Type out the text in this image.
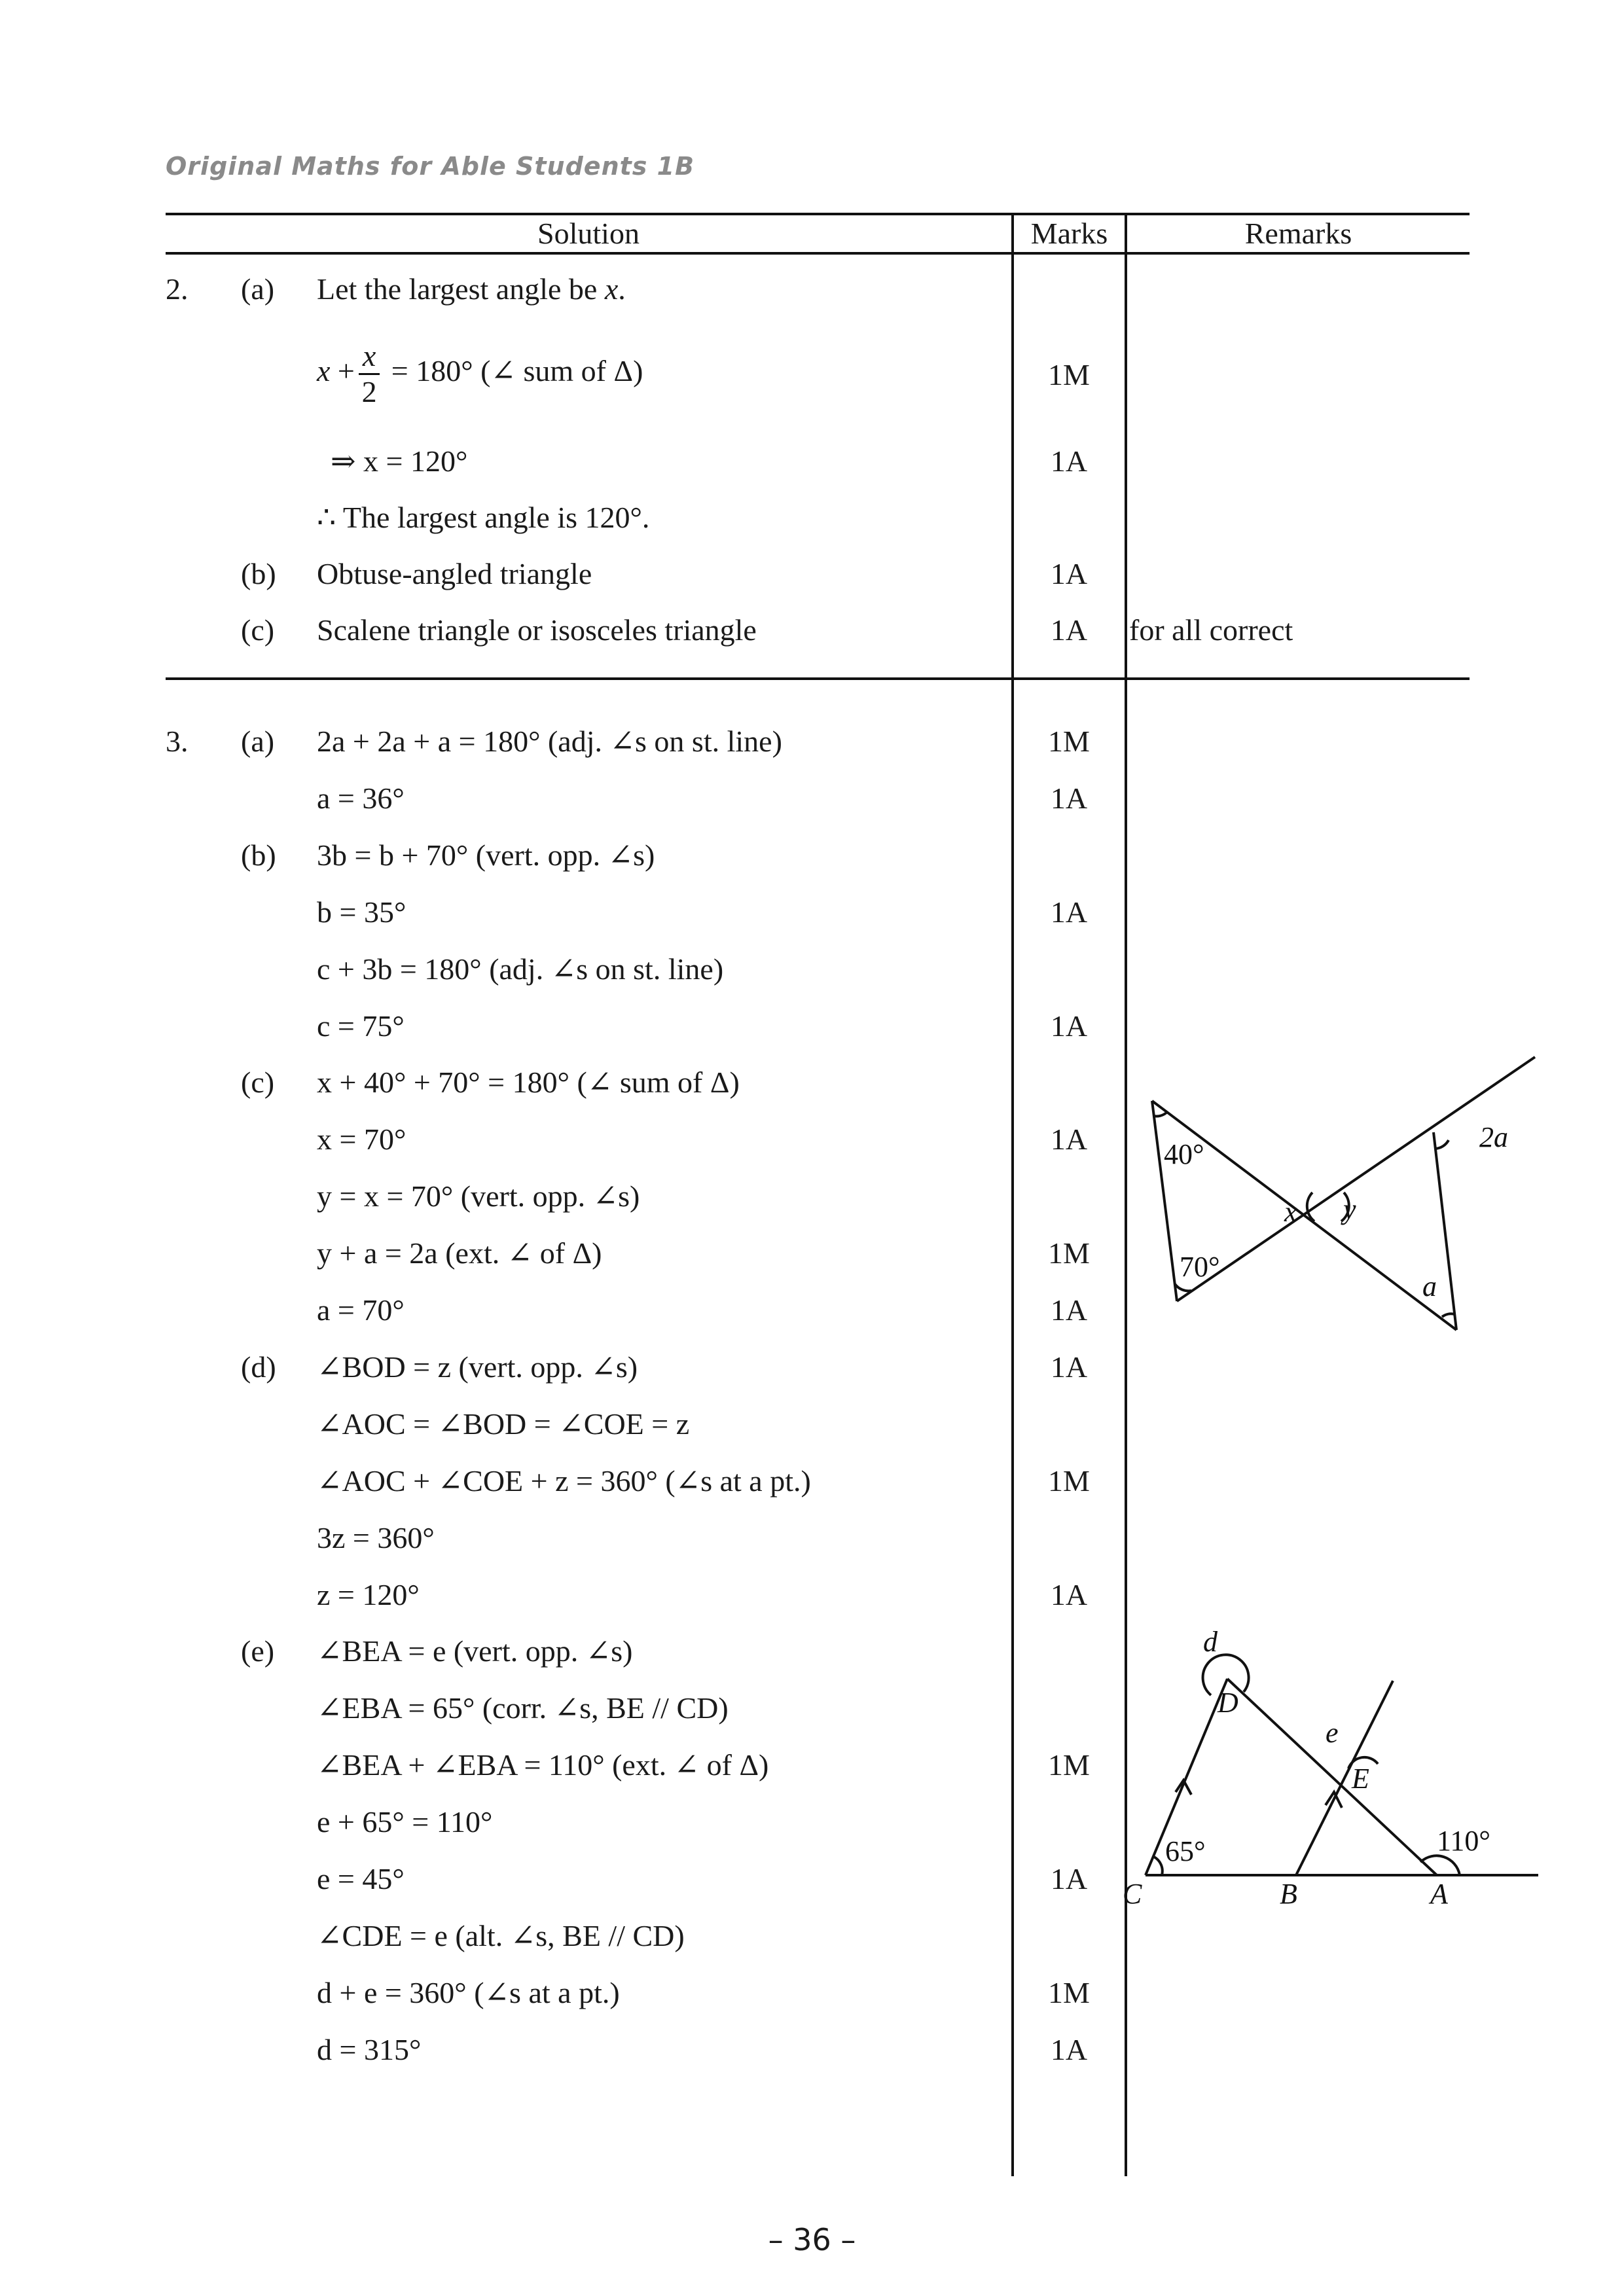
Original Maths for Able Students 1B
Solution	Marks	Remarks
2. (a) Let the largest angle be x.
$x + \frac{x}{2} = 180^\circ$ (∠ sum of Δ)	1M
⇒ x = 120°	1A
∴ The largest angle is 120°.
(b) Obtuse-angled triangle	1A
(c) Scalene triangle or isosceles triangle	1A	for all correct
3. (a) 2a + 2a + a = 180° (adj. ∠s on st. line)	1M
a = 36°	1A
(b) 3b = b + 70° (vert. opp. ∠s)
b = 35°	1A
c + 3b = 180° (adj. ∠s on st. line)
c = 75°	1A
(c) x + 40° + 70° = 180° (∠ sum of Δ)
x = 70°	1A
y = x = 70° (vert. opp. ∠s)
y + a = 2a (ext. ∠ of Δ)	1M
a = 70°	1A
(d) ∠BOD = z (vert. opp. ∠s)	1A
∠AOC = ∠BOD = ∠COE = z
∠AOC + ∠COE + z = 360° (∠s at a pt.)	1M
3z = 360°
z = 120°	1A
(e) ∠BEA = e (vert. opp. ∠s)
∠EBA = 65° (corr. ∠s, BE // CD)
∠BEA + ∠EBA = 110° (ext. ∠ of Δ)	1M
e + 65° = 110°
e = 45°	1A
∠CDE = e (alt. ∠s, BE // CD)
d + e = 360° (∠s at a pt.)	1M
d = 315°	1A
40°
70°
x y
2a
a
d
D
e
E
65°	110°
C	B	A
– 36 –
